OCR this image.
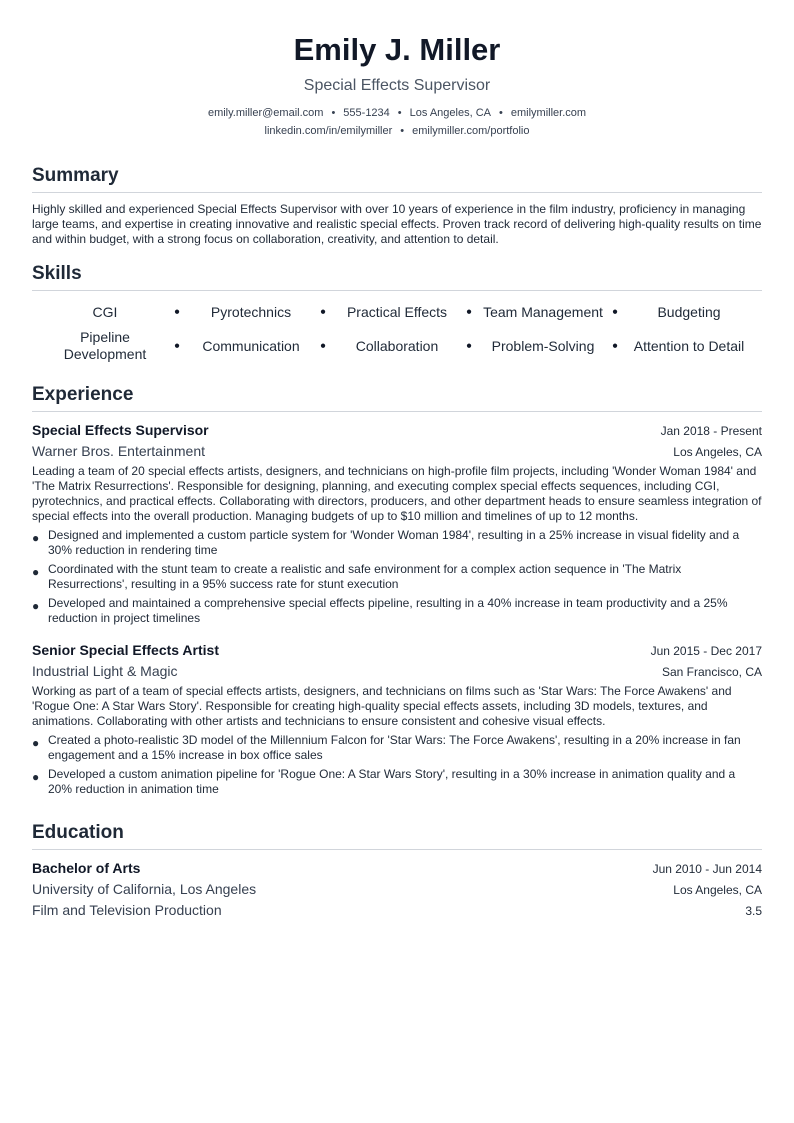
Emily J. Miller
Special Effects Supervisor
emily.miller@email.com • 555-1234 • Los Angeles, CA • emilymiller.com
linkedin.com/in/emilymiller • emilymiller.com/portfolio
Summary
Highly skilled and experienced Special Effects Supervisor with over 10 years of experience in the film industry, proficiency in managing large teams, and expertise in creating innovative and realistic special effects. Proven track record of delivering high-quality results on time and within budget, with a strong focus on collaboration, creativity, and attention to detail.
Skills
CGI	● Pyrotechnics	● Practical Effects ● Team Management ●	Budgeting
Pipeline Development	● Communication ● Collaboration	● Problem-Solving ● Attention to Detail
Experience
Special Effects Supervisor	Jan 2018 - Present
Warner Bros. Entertainment	Los Angeles, CA
Leading a team of 20 special effects artists, designers, and technicians on high-profile film projects, including 'Wonder Woman 1984' and 'The Matrix Resurrections'. Responsible for designing, planning, and executing complex special effects sequences, including CGI, pyrotechnics, and practical effects. Collaborating with directors, producers, and other department heads to ensure seamless integration of special effects into the overall production. Managing budgets of up to $10 million and timelines of up to 12 months.
● Designed and implemented a custom particle system for 'Wonder Woman 1984', resulting in a 25% increase in visual fidelity and a 30% reduction in rendering time
● Coordinated with the stunt team to create a realistic and safe environment for a complex action sequence in 'The Matrix Resurrections', resulting in a 95% success rate for stunt execution
● Developed and maintained a comprehensive special effects pipeline, resulting in a 40% increase in team productivity and a 25% reduction in project timelines
Senior Special Effects Artist	Jun 2015 - Dec 2017
Industrial Light & Magic	San Francisco, CA
Working as part of a team of special effects artists, designers, and technicians on films such as 'Star Wars: The Force Awakens' and 'Rogue One: A Star Wars Story'. Responsible for creating high-quality special effects assets, including 3D models, textures, and animations. Collaborating with other artists and technicians to ensure consistent and cohesive visual effects.
● Created a photo-realistic 3D model of the Millennium Falcon for 'Star Wars: The Force Awakens', resulting in a 20% increase in fan engagement and a 15% increase in box office sales
● Developed a custom animation pipeline for 'Rogue One: A Star Wars Story', resulting in a 30% increase in animation quality and a 20% reduction in animation time
Education
Bachelor of Arts	Jun 2010 - Jun 2014
University of California, Los Angeles	Los Angeles, CA
Film and Television Production	3.5
